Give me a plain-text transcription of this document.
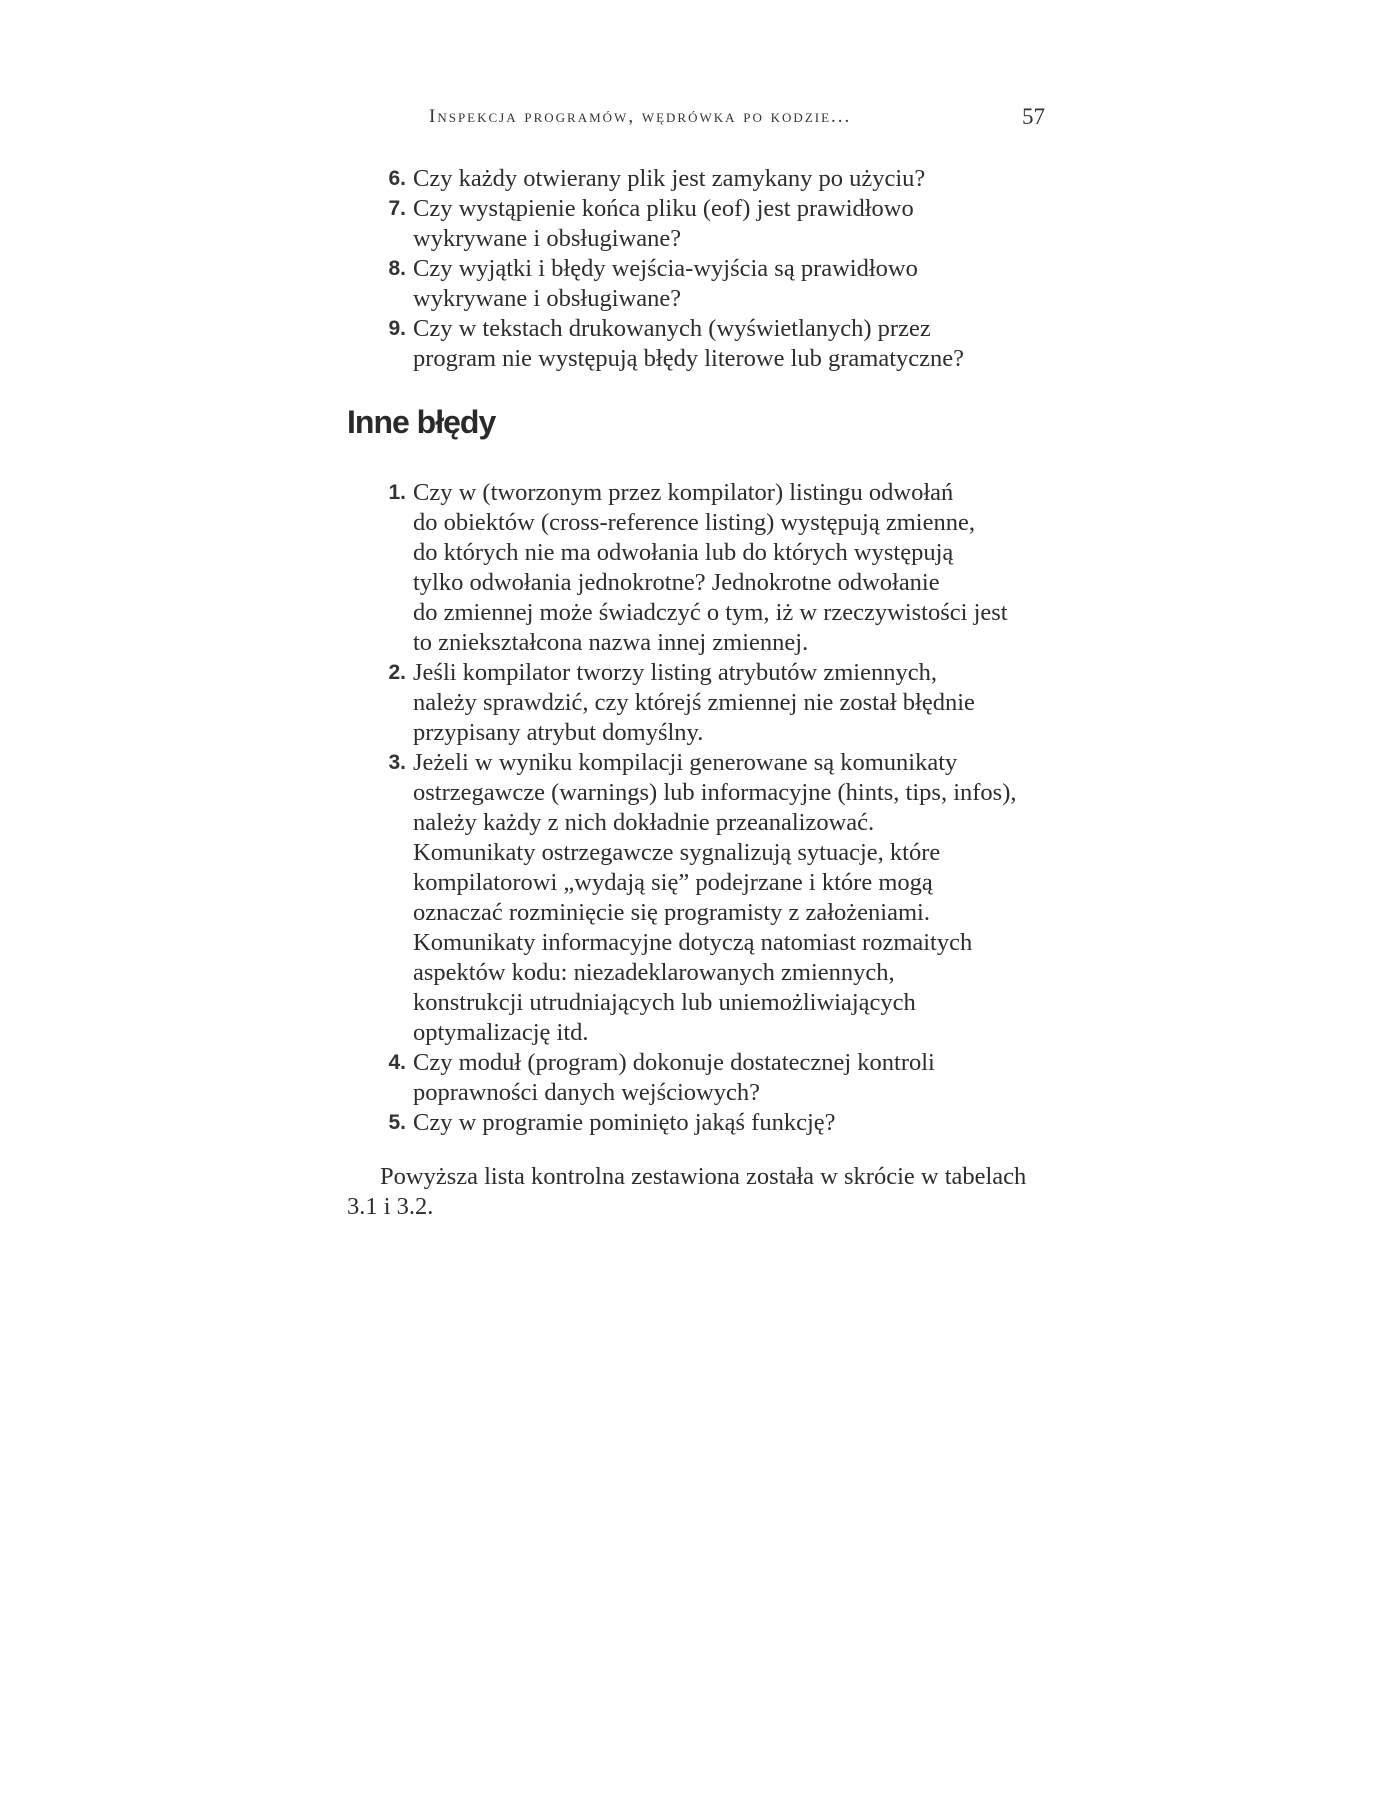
Inspekcja programów, wędrówka po kodzie...	57
6. Czy każdy otwierany plik jest zamykany po użyciu?
7. Czy wystąpienie końca pliku (eof) jest prawidłowo
wykrywane i obsługiwane?
8. Czy wyjątki i błędy wejścia-wyjścia są prawidłowo
wykrywane i obsługiwane?
9. Czy w tekstach drukowanych (wyświetlanych) przez
program nie występują błędy literowe lub gramatyczne?
Inne błędy
1. Czy w (tworzonym przez kompilator) listingu odwołań
do obiektów (cross-reference listing) występują zmienne,
do których nie ma odwołania lub do których występują
tylko odwołania jednokrotne? Jednokrotne odwołanie
do zmiennej może świadczyć o tym, iż w rzeczywistości jest
to zniekształcona nazwa innej zmiennej.
2. Jeśli kompilator tworzy listing atrybutów zmiennych,
należy sprawdzić, czy którejś zmiennej nie został błędnie
przypisany atrybut domyślny.
3. Jeżeli w wyniku kompilacji generowane są komunikaty
ostrzegawcze (warnings) lub informacyjne (hints, tips, infos),
należy każdy z nich dokładnie przeanalizować.
Komunikaty ostrzegawcze sygnalizują sytuacje, które
kompilatorowi „wydają się” podejrzane i które mogą
oznaczać rozminięcie się programisty z założeniami.
Komunikaty informacyjne dotyczą natomiast rozmaitych
aspektów kodu: niezadeklarowanych zmiennych,
konstrukcji utrudniających lub uniemożliwiających
optymalizację itd.
4. Czy moduł (program) dokonuje dostatecznej kontroli
poprawności danych wejściowych?
5. Czy w programie pominięto jakąś funkcję?

Powyższa lista kontrolna zestawiona została w skrócie w tabelach
3.1 i 3.2.
